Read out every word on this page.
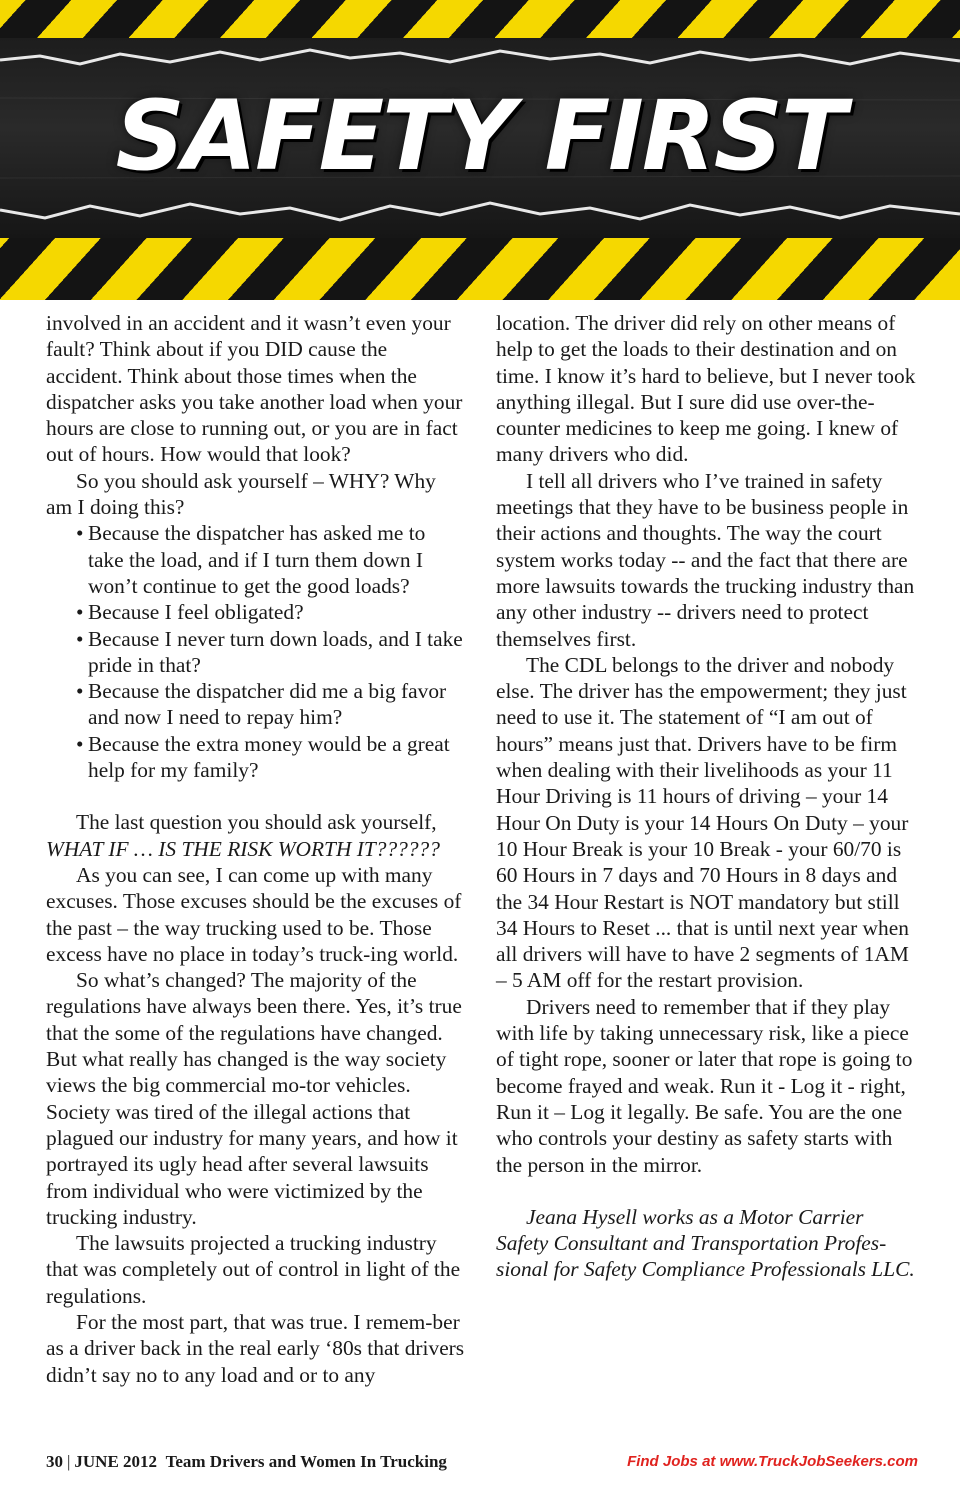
SAFETY FIRST

involved in an accident and it wasn’t even your fault? Think about if you DID cause the accident. Think about those times when the dispatcher asks you take another load when your hours are close to running out, or you are in fact out of hours. How would that look?

So you should ask yourself – WHY? Why am I doing this?

• Because the dispatcher has asked me to take the load, and if I turn them down I won’t continue to get the good loads?
• Because I feel obligated?
• Because I never turn down loads, and I take pride in that?
• Because the dispatcher did me a big favor and now I need to repay him?
• Because the extra money would be a great help for my family?

The last question you should ask yourself,

WHAT IF … IS THE RISK WORTH IT??????

As you can see, I can come up with many excuses. Those excuses should be the excuses of the past – the way trucking used to be. Those excess have no place in today’s truck-ing world.

So what’s changed? The majority of the regulations have always been there. Yes, it’s true that the some of the regulations have changed. But what really has changed is the way society views the big commercial mo-tor vehicles. Society was tired of the illegal actions that plagued our industry for many years, and how it portrayed its ugly head after several lawsuits from individual who were victimized by the trucking industry.

The lawsuits projected a trucking industry that was completely out of control in light of the regulations.

For the most part, that was true. I remem-ber as a driver back in the real early ‘80s that drivers didn’t say no to any load and or to any

location. The driver did rely on other means of help to get the loads to their destination and on time. I know it’s hard to believe, but I never took anything illegal. But I sure did use over-the-counter medicines to keep me going. I knew of many drivers who did.

I tell all drivers who I’ve trained in safety meetings that they have to be business people in their actions and thoughts. The way the court system works today -- and the fact that there are more lawsuits towards the trucking industry than any other industry -- drivers need to protect themselves first.

The CDL belongs to the driver and nobody else. The driver has the empowerment; they just need to use it. The statement of “I am out of hours” means just that. Drivers have to be firm when dealing with their livelihoods as your 11 Hour Driving is 11 hours of driving – your 14 Hour On Duty is your 14 Hours On Duty – your 10 Hour Break is your 10 Break - your 60/70 is 60 Hours in 7 days and 70 Hours in 8 days and the 34 Hour Restart is NOT mandatory but still 34 Hours to Reset ... that is until next year when all drivers will have to have 2 segments of 1AM – 5 AM off for the restart provision.

Drivers need to remember that if they play with life by taking unnecessary risk, like a piece of tight rope, sooner or later that rope is going to become frayed and weak. Run it - Log it - right, Run it – Log it legally. Be safe. You are the one who controls your destiny as safety starts with the person in the mirror.

Jeana Hysell works as a Motor Carrier Safety Consultant and Transportation Profes-sional for Safety Compliance Professionals LLC.

30 | JUNE 2012 Team Drivers and Women In Trucking	Find Jobs at www.TruckJobSeekers.com
